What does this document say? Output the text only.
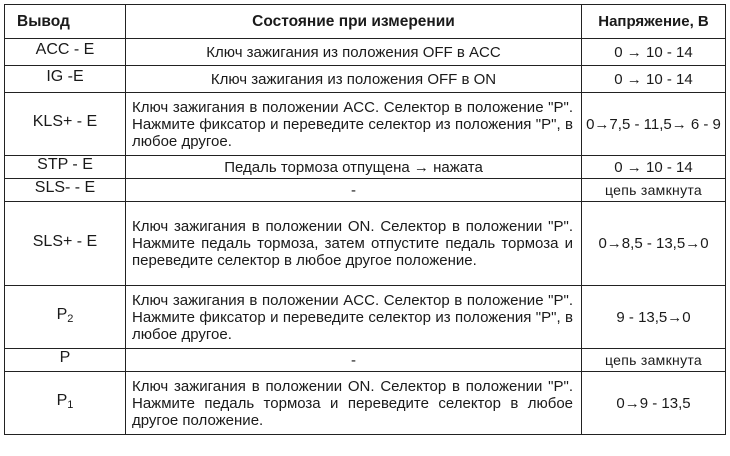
Вывод	Состояние при измерении	Напряжение, В
ACC - E	Ключ зажигания из положения OFF в ACC	0 → 10 - 14
IG -E	Ключ зажигания из положения OFF в ON	0 → 10 - 14
KLS+ - E	Ключ зажигания в положении ACC. Селектор в положение "P". Нажмите фиксатор и переведите селектор из положения "P", в любое другое.	0→7,5 - 11,5→ 6 - 9
STP - E	Педаль тормоза отпущена → нажата	0 → 10 - 14
SLS- - E	-	цепь замкнута
SLS+ - E	Ключ зажигания в положении ON. Селектор в положении "P". Нажмите педаль тормоза, затем отпустите педаль тормоза и переведите селектор в любое другое положение.	0→8,5 - 13,5→0
$P_2$	Ключ зажигания в положении ACC. Селектор в положение "P". Нажмите фиксатор и переведите селектор из положения "P", в любое другое.	9 - 13,5→0
P	-	цепь замкнута
$P_1$	Ключ зажигания в положении ON. Селектор в положении "P". Нажмите педаль тормоза и переведите селектор в любое другое положение.	0→9 - 13,5
